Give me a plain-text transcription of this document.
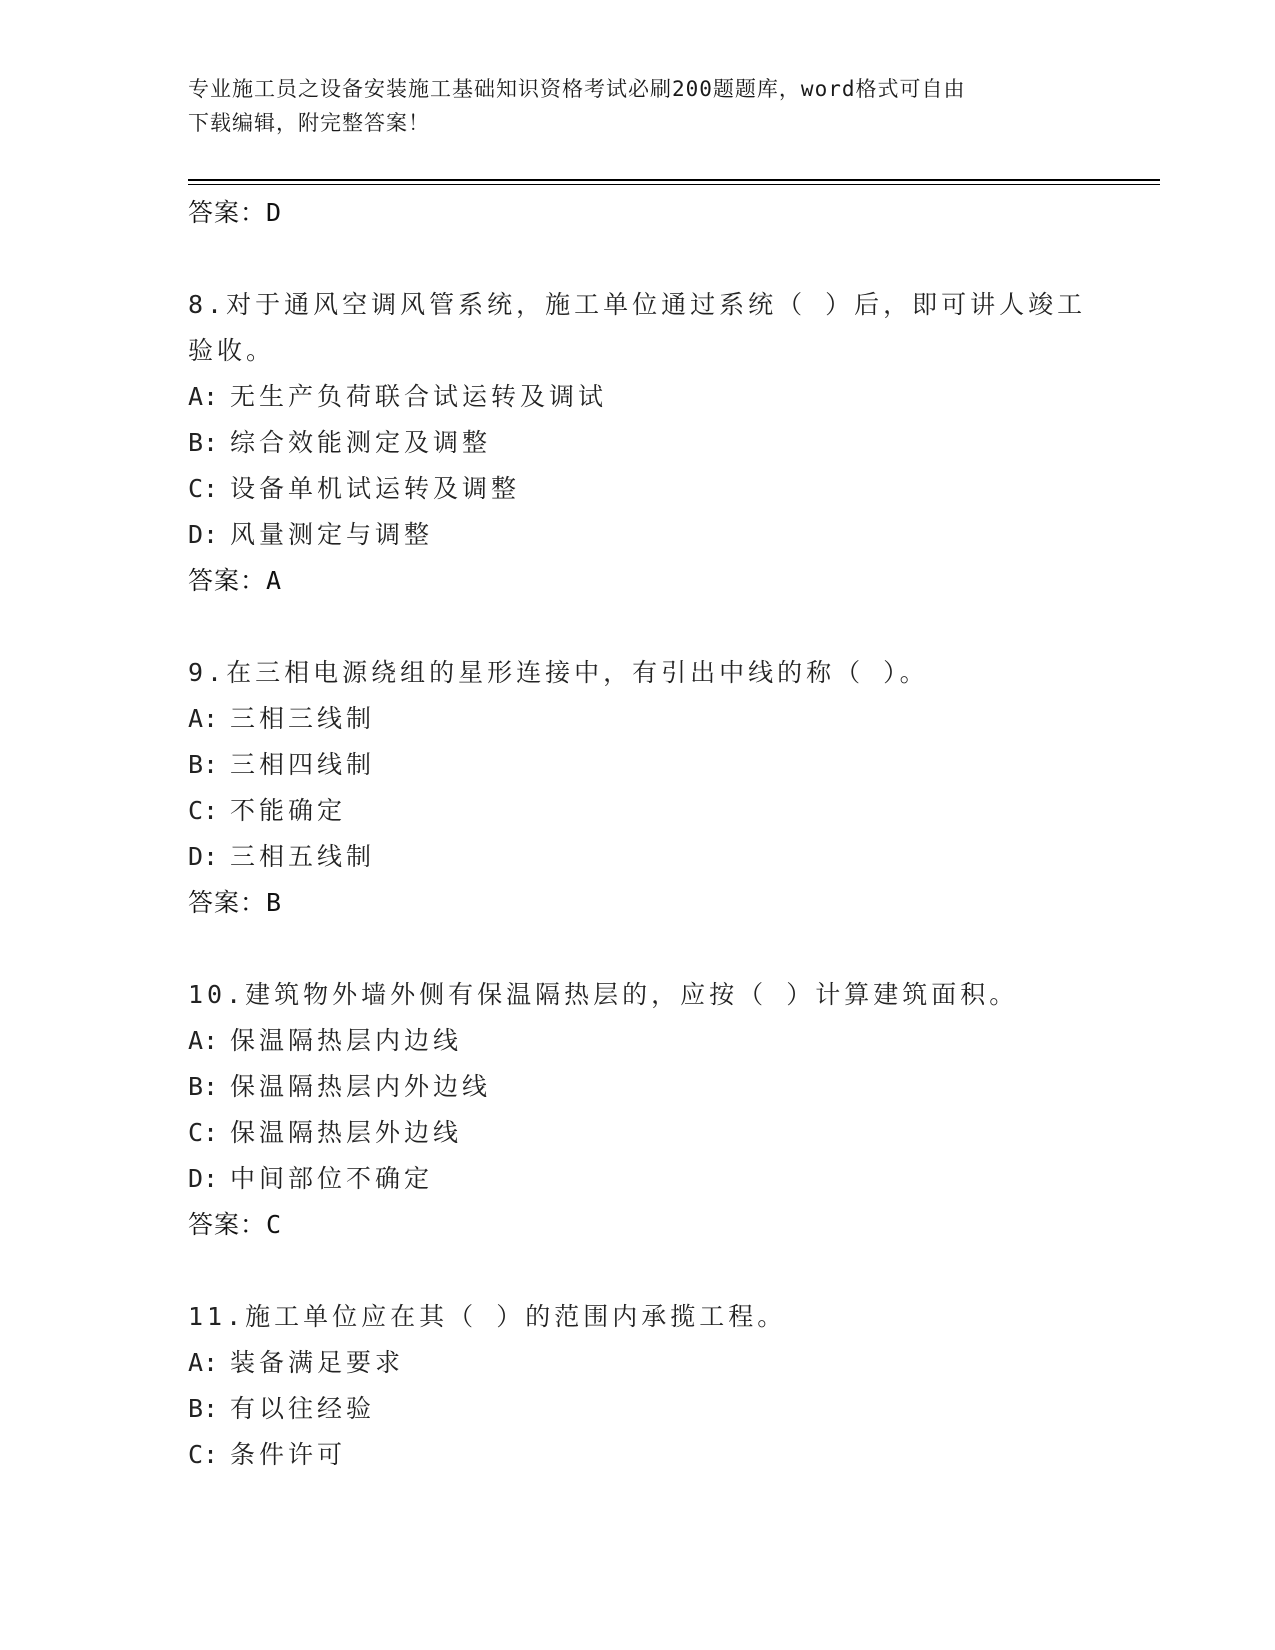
专业施工员之设备安装施工基础知识资格考试必刷200题题库，word格式可自由
下载编辑，附完整答案！
答案：D
8.对于通风空调风管系统，施工单位通过系统（ ）后，即可讲人竣工
验收。
A: 无生产负荷联合试运转及调试
B: 综合效能测定及调整
C: 设备单机试运转及调整
D: 风量测定与调整
答案：A
9.在三相电源绕组的星形连接中，有引出中线的称（ ）。
A: 三相三线制
B: 三相四线制
C: 不能确定
D: 三相五线制
答案：B
10.建筑物外墙外侧有保温隔热层的，应按（ ）计算建筑面积。
A: 保温隔热层内边线
B: 保温隔热层内外边线
C: 保温隔热层外边线
D: 中间部位不确定
答案：C
11.施工单位应在其（ ）的范围内承揽工程。
A: 装备满足要求
B: 有以往经验
C: 条件许可
